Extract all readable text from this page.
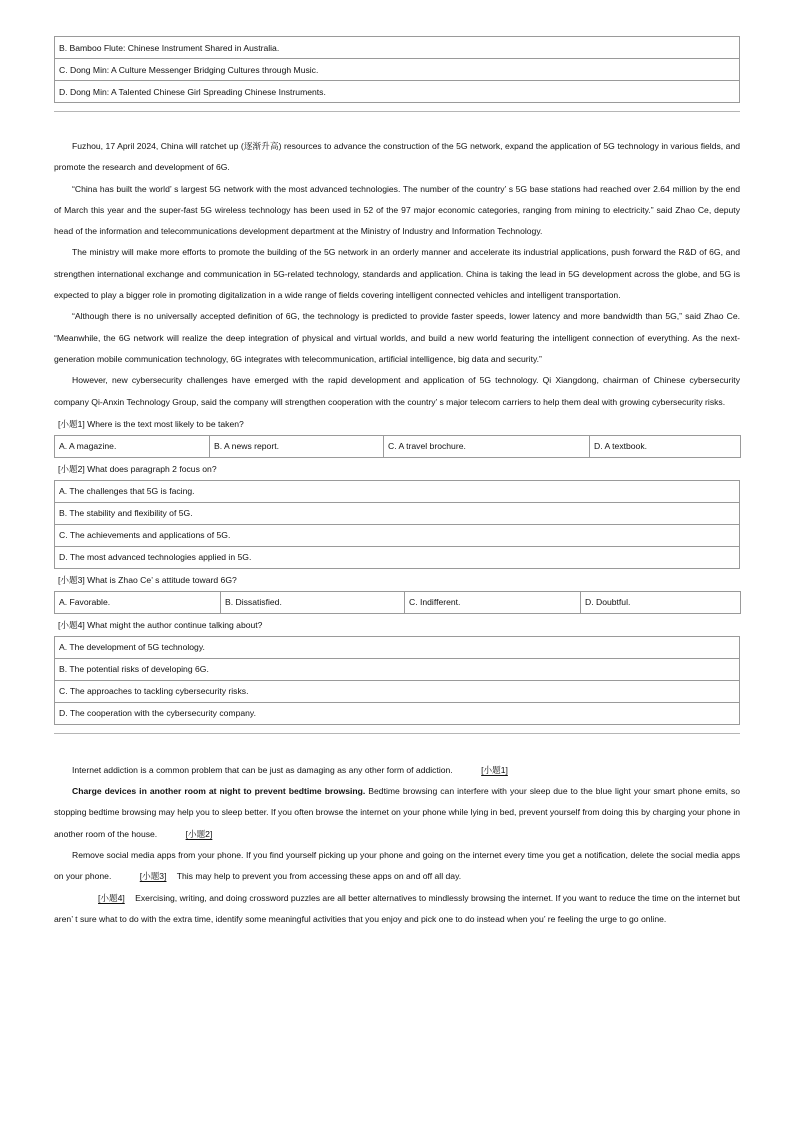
B. Bamboo Flute: Chinese Instrument Shared in Australia.
C. Dong Min: A Culture Messenger Bridging Cultures through Music.
D. Dong Min: A Talented Chinese Girl Spreading Chinese Instruments.

Fuzhou, 17 April 2024, China will ratchet up (逐渐升高) resources to advance the construction of the 5G network, expand the application of 5G technology in various fields, and promote the research and development of 6G.

“China has built the world’ s largest 5G network with the most advanced technologies. The number of the country’ s 5G base stations had reached over 2.64 million by the end of March this year and the super-fast 5G wireless technology has been used in 52 of the 97 major economic categories, ranging from mining to electricity.” said Zhao Ce, deputy head of the information and telecommunications development department at the Ministry of Industry and Information Technology.

The ministry will make more efforts to promote the building of the 5G network in an orderly manner and accelerate its industrial applications, push forward the R&D of 6G, and strengthen international exchange and communication in 5G-related technology, standards and application. China is taking the lead in 5G development across the globe, and 5G is expected to play a bigger role in promoting digitalization in a wide range of fields covering intelligent connected vehicles and intelligent transportation.

“Although there is no universally accepted definition of 6G, the technology is predicted to provide faster speeds, lower latency and more bandwidth than 5G,” said Zhao Ce. “Meanwhile, the 6G network will realize the deep integration of physical and virtual worlds, and build a new world featuring the intelligent connection of everything. As the next-generation mobile communication technology, 6G integrates with telecommunication, artificial intelligence, big data and security.”

However, new cybersecurity challenges have emerged with the rapid development and application of 5G technology. Qi Xiangdong, chairman of Chinese cybersecurity company Qi-Anxin Technology Group, said the company will strengthen cooperation with the country’ s major telecom carriers to help them deal with growing cybersecurity risks.

[小题1] Where is the text most likely to be taken?
A. A magazine.	B. A news report.	C. A travel brochure.	D. A textbook.
[小题2] What does paragraph 2 focus on?
A. The challenges that 5G is facing.
B. The stability and flexibility of 5G.
C. The achievements and applications of 5G.
D. The most advanced technologies applied in 5G.
[小题3] What is Zhao Ce’ s attitude toward 6G?
A. Favorable.	B. Dissatisfied.	C. Indifferent.	D. Doubtful.
[小题4] What might the author continue talking about?
A. The development of 5G technology.
B. The potential risks of developing 6G.
C. The approaches to tackling cybersecurity risks.
D. The cooperation with the cybersecurity company.

Internet addiction is a common problem that can be just as damaging as any other form of addiction.	[小题1]

Charge devices in another room at night to prevent bedtime browsing. Bedtime browsing can interfere with your sleep due to the blue light your smart phone emits, so stopping bedtime browsing may help you to sleep better. If you often browse the internet on your phone while lying in bed, prevent yourself from doing this by charging your phone in another room of the house.	[小题2]

Remove social media apps from your phone. If you find yourself picking up your phone and going on the internet every time you get a notification, delete the social media apps on your phone.	[小题3] This may help to prevent you from accessing these apps on and off all day.

[小题4] Exercising, writing, and doing crossword puzzles are all better alternatives to mindlessly browsing the internet. If you want to reduce the time on the internet but aren’ t sure what to do with the extra time, identify some meaningful activities that you enjoy and pick one to do instead when you’ re feeling the urge to go online.
